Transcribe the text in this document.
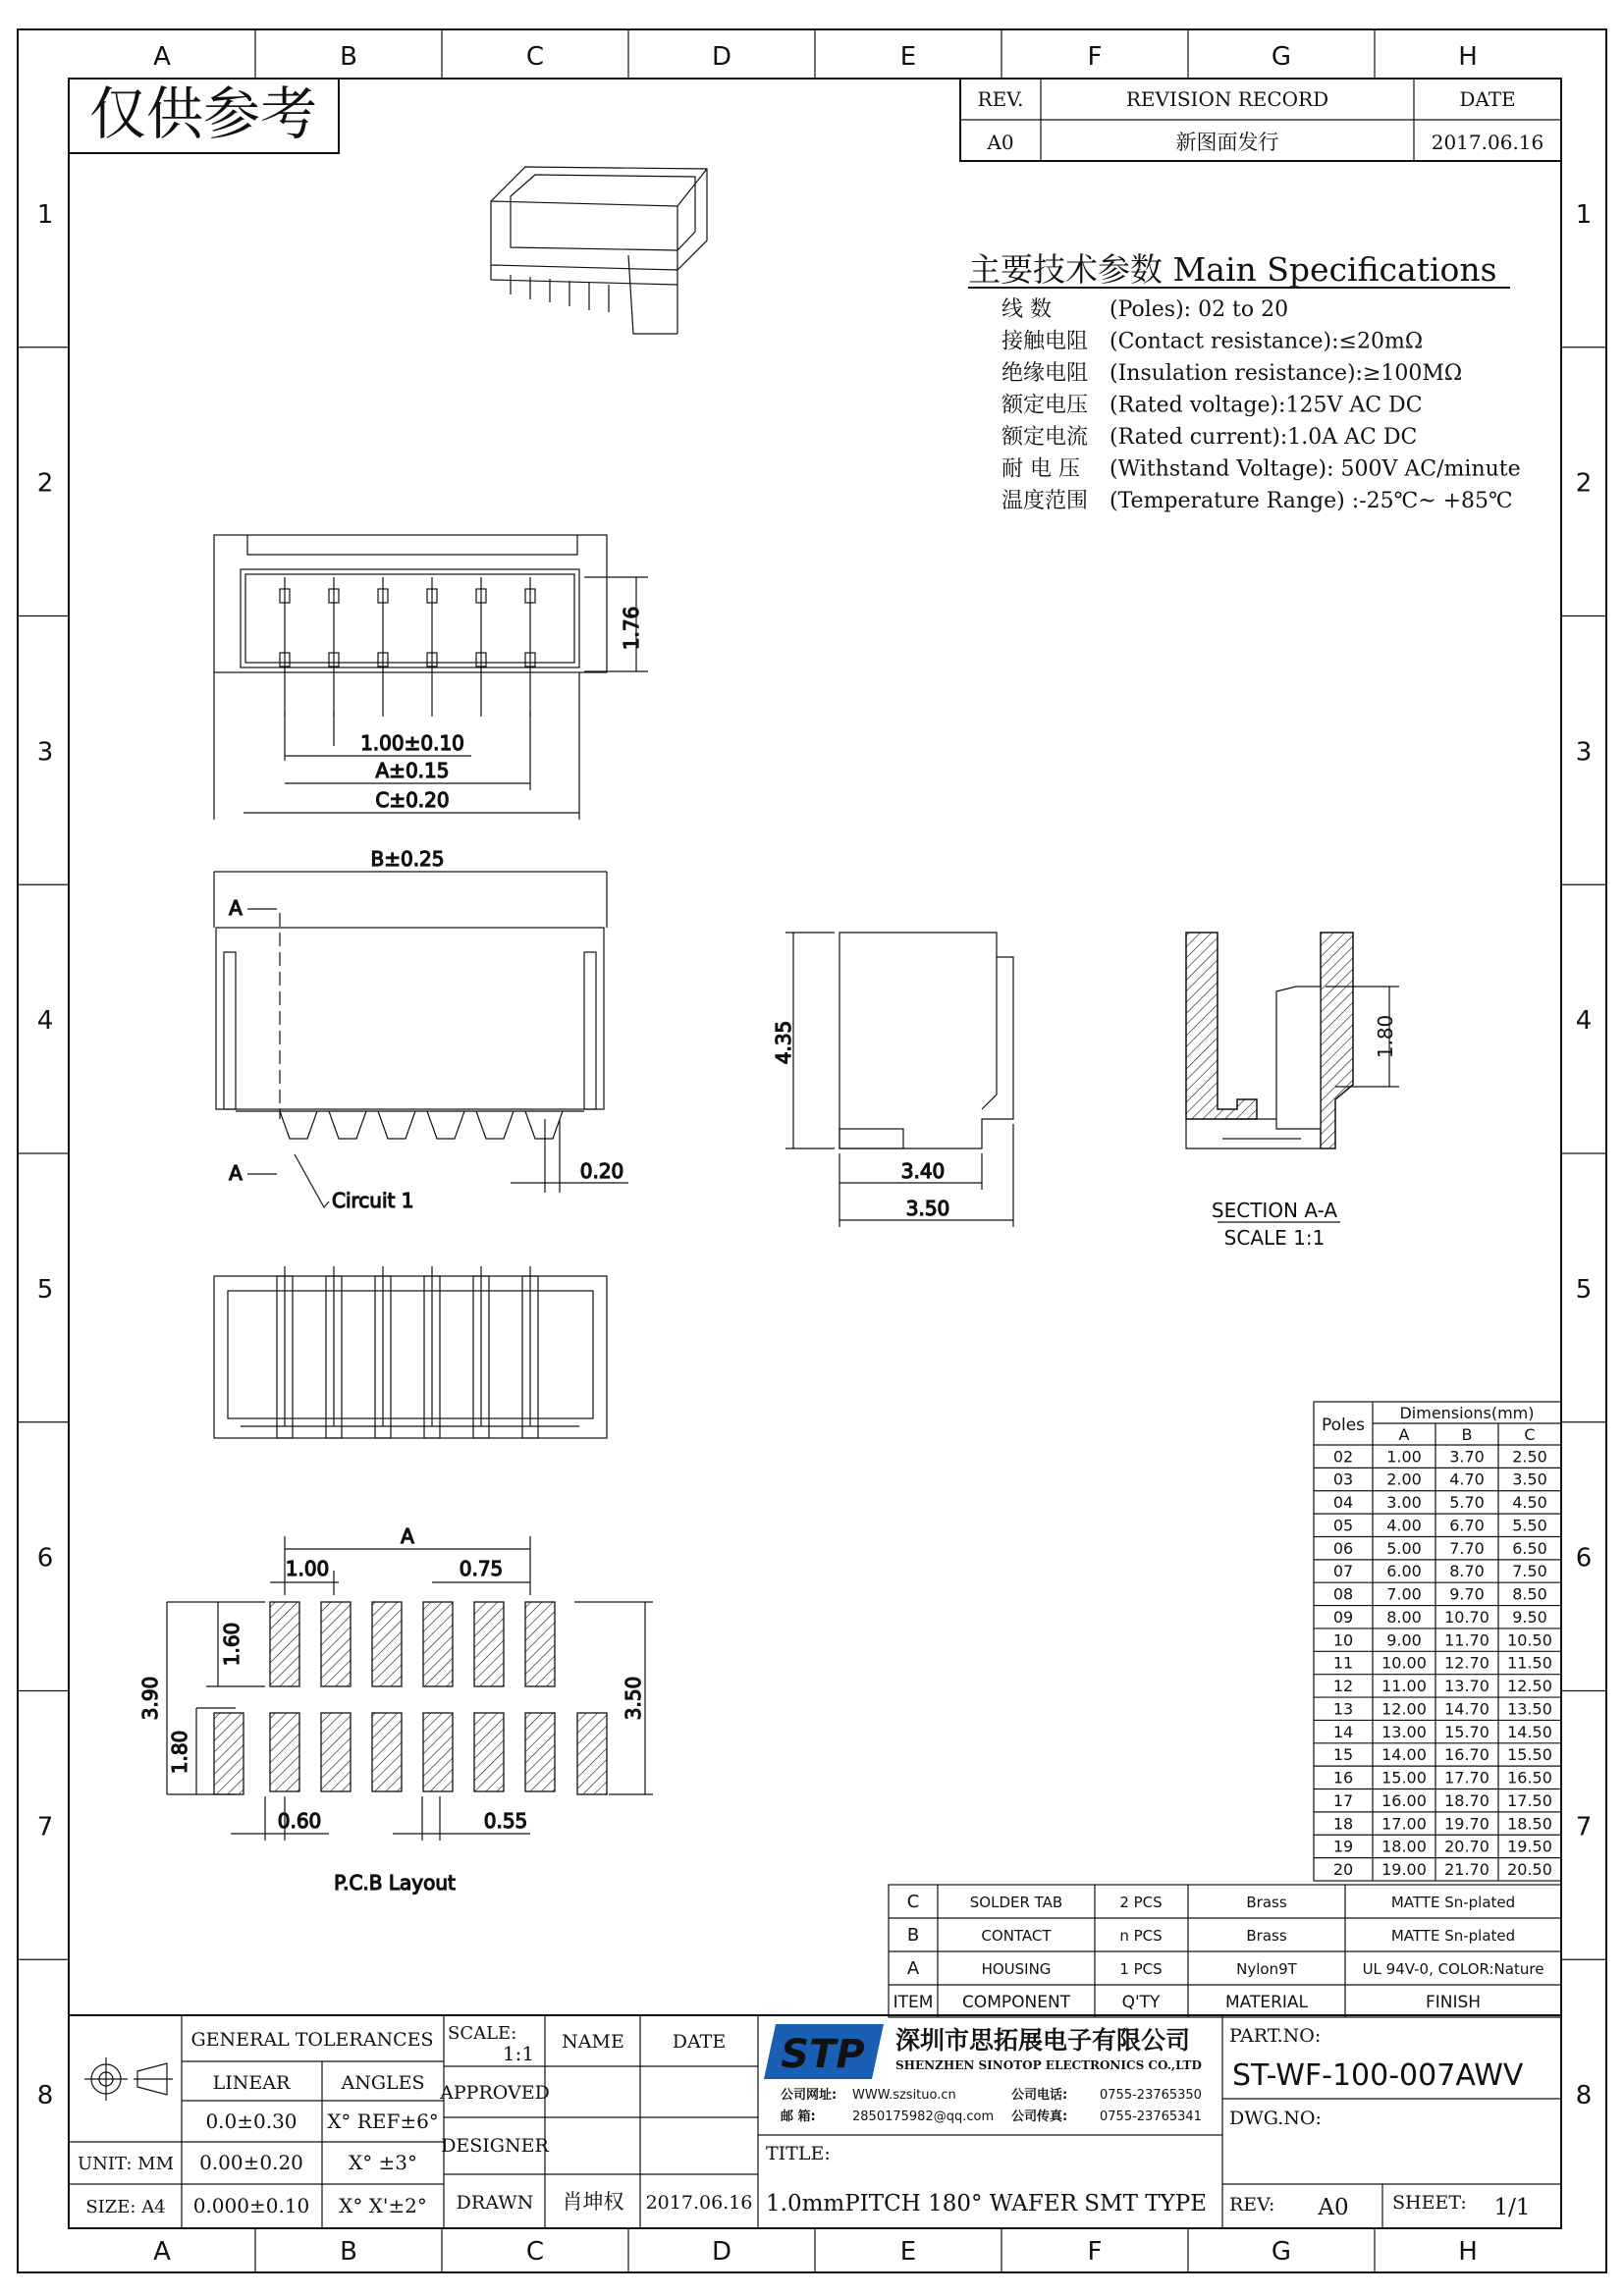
A
A
B
B
C
C
D
D
E
E
F
F
G
G
H
H
1	1
2	2
3	3
4	4
5	5
6	6
7	7
8	8
仅供参考	REV.	REVISION RECORD	DATE
A0	新图面发行	2017.06.16
主要技术参数 Main Specifications
线 数	(Poles): 02 to 20
接触电阻 (Contact resistance):≤20mΩ
绝缘电阻 (Insulation resistance):≥100MΩ
额定电压 (Rated voltage):125V AC DC
额定电流 (Rated current):1.0A AC DC
耐 电 压 (Withstand Voltage): 500V AC/minute
温度范围 (Temperature Range) :-25℃~ +85℃
1.76
1.00±0.10
A±0.15
C±0.20
B±0.25
A
A
Circuit 1
0.20
4.35
3.40
3.50
1.80
SECTION A-A
SCALE 1:1
A
1.00	0.75
1.60
3.90
1.80
3.50
0.60	0.55
P.C.B Layout
Poles
Dimensions(mm)
A	B	C
02 1.00 3.70 2.50
03 2.00 4.70 3.50
04 3.00 5.70 4.50
05 4.00 6.70 5.50
06 5.00 7.70 6.50
07 6.00 8.70 7.50
08 7.00 9.70 8.50
09 8.00 10.70 9.50
10 9.00 11.70 10.50
11 10.00 12.70 11.50
12 11.00 13.70 12.50
13 12.00 14.70 13.50
14 13.00 15.70 14.50
15 14.00 16.70 15.50
16 15.00 17.70 16.50
17 16.00 18.70 17.50
18 17.00 19.70 18.50
19 18.00 20.70 19.50
20 19.00 21.70 20.50
C	SOLDER TAB	2 PCS	Brass	MATTE Sn-plated
B	CONTACT	n PCS	Brass	MATTE Sn-plated
A	HOUSING	1 PCS	Nylon9T	UL 94V-0, COLOR:Nature
ITEM COMPONENT	Q'TY	MATERIAL	FINISH
GENERAL TOLERANCES
LINEAR	ANGLES
0.0±0.30 X° REF±6°
UNIT: MM 0.00±0.20 X° ±3°
SIZE: A4 0.000±0.10 X° X'±2°
SCALE:
1:1 NAME	DATE
APPROVED
DESIGNER
DRAWN 肖坤权 2017.06.16
STP 深圳市思拓展电子有限公司
SHENZHEN SINOTOP ELECTRONICS CO.,LTD
公司网址: WWW.szsituo.cn	公司电话:	0755-23765350
邮 箱:	2850175982@qq.com 公司传真:	0755-23765341
TITLE:
1.0mmPITCH 180° WAFER SMT TYPE
PART.NO:
ST-WF-100-007AWV
DWG.NO:
REV: A0 SHEET: 1/1
